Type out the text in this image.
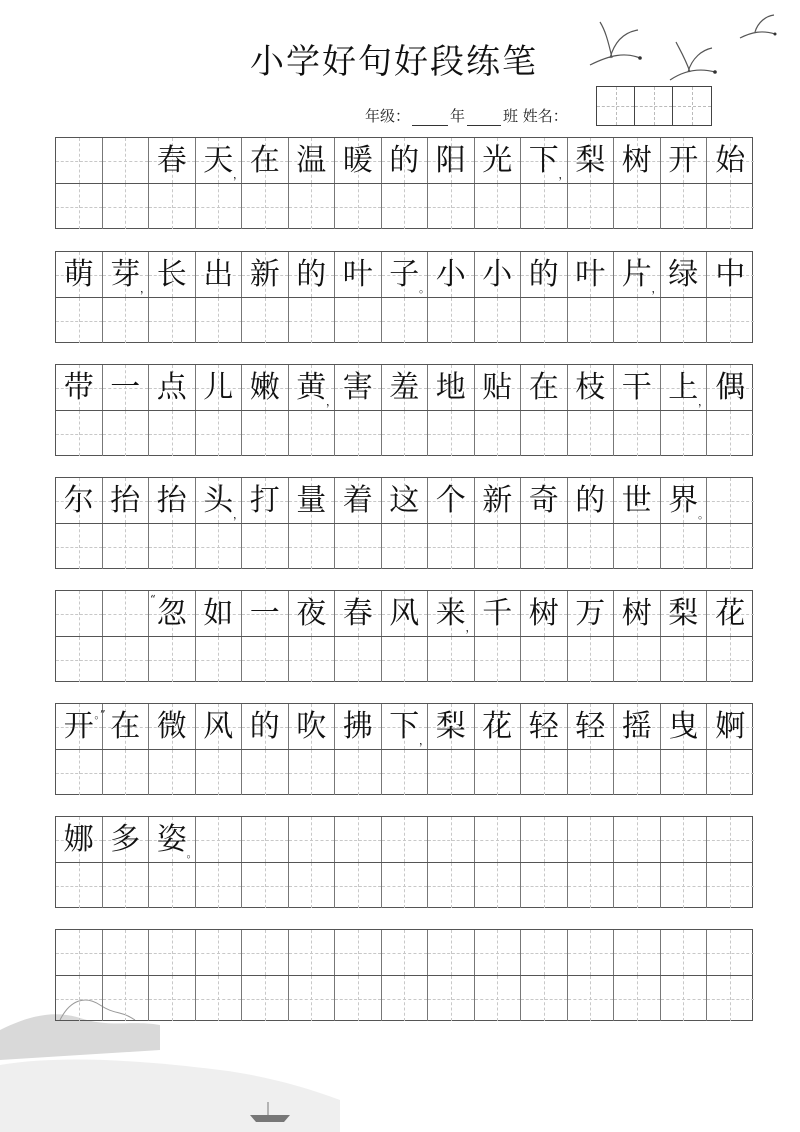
小学好句好段练笔
年级：	年	班 姓名：
春 天 ， 在 温 暖 的 阳 光 下 ， 梨 树 开 始
萌 芽 ， 长 出 新 的 叶 子 。 小 小 的 叶 片 ， 绿 中
带 一 点 儿 嫩 黄 ， 害 羞 地 贴 在 枝 干 上 ， 偶
尔 抬 抬 头 ， 打 量 着 这 个 新 奇 的 世 界 。
忽
“ 如 一 夜 春 风 来 ， 千 树 万 树 梨 花
开 。” 在 微 风 的 吹 拂 下 ， 梨 花 轻 轻 摇 曳 婀
娜 多 姿 。
